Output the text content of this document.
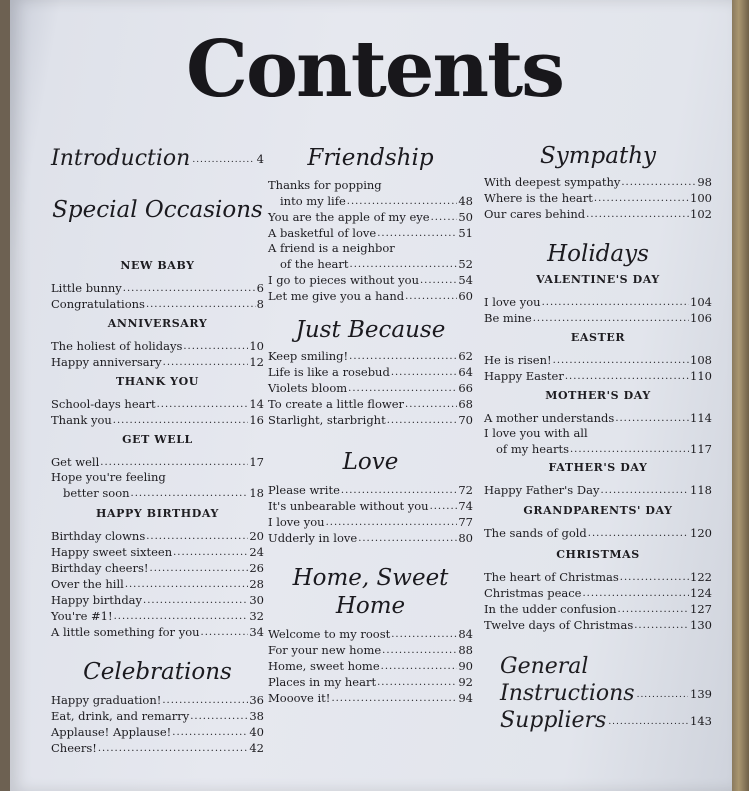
Contents
Introduction .....	4
Special Occasions

NEW BABY

Little bunny .....	6
Congratulations .....	8

ANNIVERSARY

The holiest of holidays .....	10
Happy anniversary .....	12

THANK YOU

School-days heart .....	14
Thank you .....	16

GET WELL

Get well .....	17
Hope you're feeling
better soon .....	18

HAPPY BIRTHDAY

Birthday clowns .....	20
Happy sweet sixteen .....	24
Birthday cheers! .....	26
Over the hill .....	28
Happy birthday .....	30
You're #1! .....	32
A little something for you .....	34
Celebrations
Happy graduation! .....	36
Eat, drink, and remarry .....	38
Applause! Applause! .....	40
Cheers! .....	42
Friendship
Thanks for popping
into my life .....	48
You are the apple of my eye .....	50
A basketful of love .....	51
A friend is a neighbor
of the heart .....	52
I go to pieces without you .....	54
Let me give you a hand .....	60
Just Because
Keep smiling! .....	62
Life is like a rosebud .....	64
Violets bloom .....	66
To create a little flower .....	68
Starlight, starbright .....	70
Love
Please write .....	72
It's unbearable without you .....	74
I love you .....	77
Udderly in love .....	80
Home, Sweet
Home
Welcome to my roost .....	84
For your new home .....	88
Home, sweet home .....	90
Places in my heart .....	92
Mooove it! .....	94
Sympathy
With deepest sympathy .....	98
Where is the heart .....	100
Our cares behind .....	102
Holidays

VALENTINE'S DAY

I love you .....	104
Be mine .....	106

EASTER

He is risen! .....	108
Happy Easter .....	110

MOTHER'S DAY

A mother understands .....	114
I love you with all
of my hearts .....	117

FATHER'S DAY

Happy Father's Day .....	118

GRANDPARENTS' DAY

The sands of gold .....	120

CHRISTMAS

The heart of Christmas .....	122
Christmas peace .....	124
In the udder confusion .....	127
Twelve days of Christmas .....	130
General
Instructions .....	139
Suppliers .....	143
